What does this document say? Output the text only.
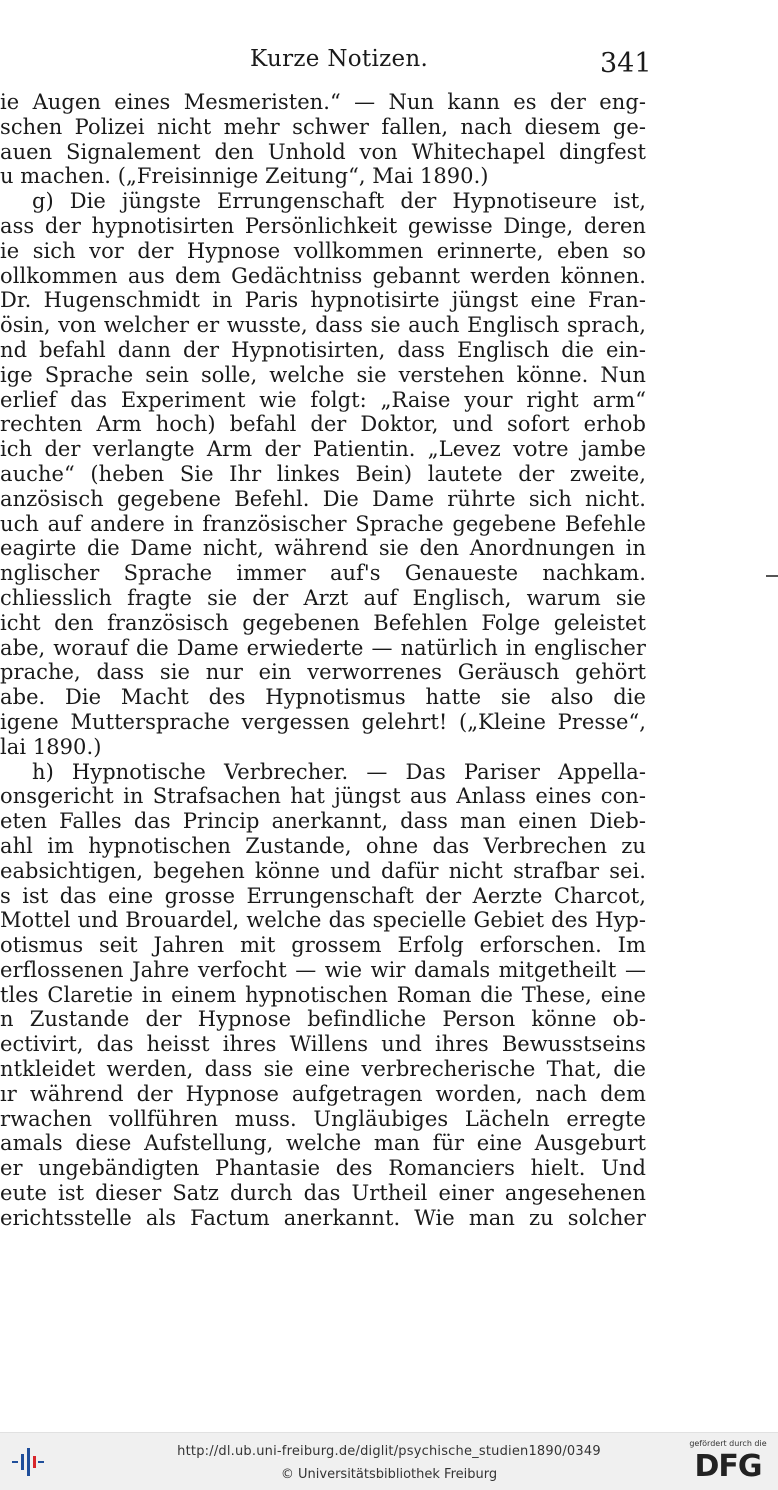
Kurze Notizen.	341
ie Augen eines Mesmeristen.“ — Nun kann es der eng-
schen Polizei nicht mehr schwer fallen, nach diesem ge-
auen Signalement den Unhold von Whitechapel dingfest
u machen. („Freisinnige Zeitung“, Mai 1890.)
g) Die jüngste Errungenschaft der Hypnotiseure ist,
ass der hypnotisirten Persönlichkeit gewisse Dinge, deren
ie sich vor der Hypnose vollkommen erinnerte, eben so
ollkommen aus dem Gedächtniss gebannt werden können.
Dr. Hugenschmidt in Paris hypnotisirte jüngst eine Fran-
ösin, von welcher er wusste, dass sie auch Englisch sprach,
nd befahl dann der Hypnotisirten, dass Englisch die ein-
ige Sprache sein solle, welche sie verstehen könne. Nun
erlief das Experiment wie folgt: „Raise your right arm“
rechten Arm hoch) befahl der Doktor, und sofort erhob
ich der verlangte Arm der Patientin. „Levez votre jambe
auche“ (heben Sie Ihr linkes Bein) lautete der zweite,
anzösisch gegebene Befehl. Die Dame rührte sich nicht.
uch auf andere in französischer Sprache gegebene Befehle
eagirte die Dame nicht, während sie den Anordnungen in
nglischer Sprache immer auf's Genaueste nachkam.
chliesslich fragte sie der Arzt auf Englisch, warum sie
icht den französisch gegebenen Befehlen Folge geleistet
abe, worauf die Dame erwiederte — natürlich in englischer
prache, dass sie nur ein verworrenes Geräusch gehört
abe. Die Macht des Hypnotismus hatte sie also die
igene Muttersprache vergessen gelehrt! („Kleine Presse“,
lai 1890.)
h) Hypnotische Verbrecher. — Das Pariser Appella-
onsgericht in Strafsachen hat jüngst aus Anlass eines con-
eten Falles das Princip anerkannt, dass man einen Dieb-
ahl im hypnotischen Zustande, ohne das Verbrechen zu
eabsichtigen, begehen könne und dafür nicht strafbar sei.
s ist das eine grosse Errungenschaft der Aerzte Charcot,
Mottel und Brouardel, welche das specielle Gebiet des Hyp-
otismus seit Jahren mit grossem Erfolg erforschen. Im
erflossenen Jahre verfocht — wie wir damals mitgetheilt —
tles Claretie in einem hypnotischen Roman die These, eine
n Zustande der Hypnose befindliche Person könne ob-
ectivirt, das heisst ihres Willens und ihres Bewusstseins
ntkleidet werden, dass sie eine verbrecherische That, die
ır während der Hypnose aufgetragen worden, nach dem
rwachen vollführen muss. Ungläubiges Lächeln erregte
amals diese Aufstellung, welche man für eine Ausgeburt
er ungebändigten Phantasie des Romanciers hielt. Und
eute ist dieser Satz durch das Urtheil einer angesehenen
erichtsstelle als Factum anerkannt. Wie man zu solcher
http://dl.ub.uni-freiburg.de/diglit/psychische_studien1890/0349
© Universitätsbibliothek Freiburg
gefördert durch die
DFG
